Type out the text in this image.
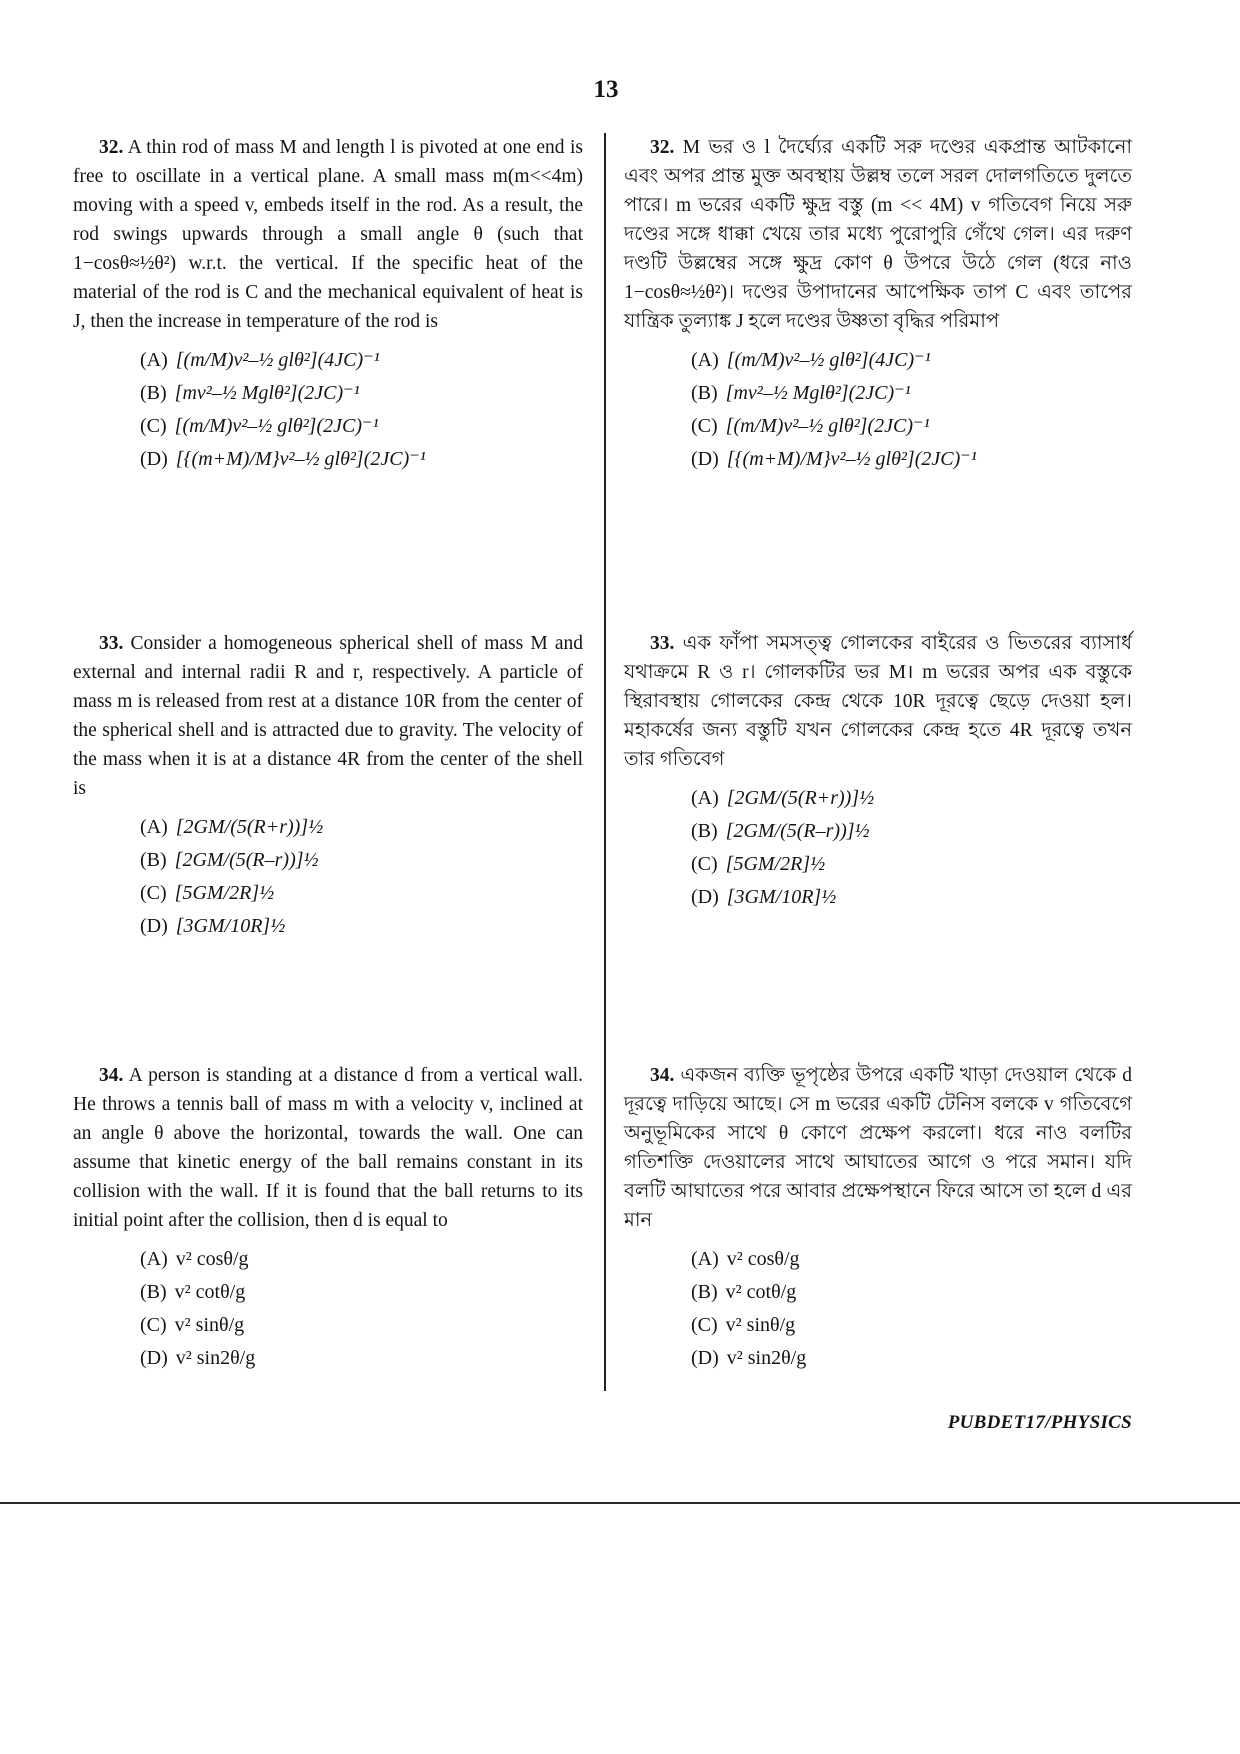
13

32. A thin rod of mass M and length l is pivoted at one end is free to oscillate in a vertical plane. A small mass m(m<<4m) moving with a speed v, embeds itself in the rod. As a result, the rod swings upwards through a small angle θ (such that 1−cosθ≈½θ²) w.r.t. the vertical. If the specific heat of the material of the rod is C and the mechanical equivalent of heat is J, then the increase in temperature of the rod is

(A) [(m/M)v²–½ glθ²](4JC)⁻¹
(B) [mv²–½ Mglθ²](2JC)⁻¹
(C) [(m/M)v²–½ glθ²](2JC)⁻¹
(D) [{(m+M)/M}v²–½ glθ²](2JC)⁻¹

33. Consider a homogeneous spherical shell of mass M and external and internal radii R and r, respectively. A particle of mass m is released from rest at a distance 10R from the center of the spherical shell and is attracted due to gravity. The velocity of the mass when it is at a distance 4R from the center of the shell is

(A) [2GM/(5(R+r))]½
(B) [2GM/(5(R–r))]½
(C) [5GM/2R]½
(D) [3GM/10R]½

34. A person is standing at a distance d from a vertical wall. He throws a tennis ball of mass m with a velocity v, inclined at an angle θ above the horizontal, towards the wall. One can assume that kinetic energy of the ball remains constant in its collision with the wall. If it is found that the ball returns to its initial point after the collision, then d is equal to

(A) v² cosθ/g
(B) v² cotθ/g
(C) v² sinθ/g
(D) v² sin2θ/g

32. M ভর ও l দৈর্ঘ্যের একটি সরু দণ্ডের একপ্রান্ত আটকানো এবং অপর প্রান্ত মুক্ত অবস্থায় উল্লম্ব তলে সরল দোলগতিতে দুলতে পারে। m ভরের একটি ক্ষুদ্র বস্তু (m << 4M) v গতিবেগ নিয়ে সরু দণ্ডের সঙ্গে ধাক্কা খেয়ে তার মধ্যে পুরোপুরি গেঁথে গেল। এর দরুণ দণ্ডটি উল্লম্বের সঙ্গে ক্ষুদ্র কোণ θ উপরে উঠে গেল (ধরে নাও 1−cosθ≈½θ²)। দণ্ডের উপাদানের আপেক্ষিক তাপ C এবং তাপের যান্ত্রিক তুল্যাঙ্ক J হলে দণ্ডের উষ্ণতা বৃদ্ধির পরিমাপ

(A) [(m/M)v²–½ glθ²](4JC)⁻¹
(B) [mv²–½ Mglθ²](2JC)⁻¹
(C) [(m/M)v²–½ glθ²](2JC)⁻¹
(D) [{(m+M)/M}v²–½ glθ²](2JC)⁻¹

33. এক ফাঁপা সমসত্ত্ব গোলকের বাইরের ও ভিতরের ব্যাসার্ধ যথাক্রমে R ও r। গোলকটির ভর M। m ভরের অপর এক বস্তুকে স্থিরাবস্থায় গোলকের কেন্দ্র থেকে 10R দূরত্বে ছেড়ে দেওয়া হল। মহাকর্ষের জন্য বস্তুটি যখন গোলকের কেন্দ্র হতে 4R দূরত্বে তখন তার গতিবেগ

(A) [2GM/(5(R+r))]½
(B) [2GM/(5(R–r))]½
(C) [5GM/2R]½
(D) [3GM/10R]½

34. একজন ব্যক্তি ভূপৃষ্ঠের উপরে একটি খাড়া দেওয়াল থেকে d দূরত্বে দাড়িয়ে আছে। সে m ভরের একটি টেনিস বলকে v গতিবেগে অনুভূমিকের সাথে θ কোণে প্রক্ষেপ করলো। ধরে নাও বলটির গতিশক্তি দেওয়ালের সাথে আঘাতের আগে ও পরে সমান। যদি বলটি আঘাতের পরে আবার প্রক্ষেপস্থানে ফিরে আসে তা হলে d এর মান

(A) v² cosθ/g
(B) v² cotθ/g
(C) v² sinθ/g
(D) v² sin2θ/g
PUBDET17/PHYSICS
